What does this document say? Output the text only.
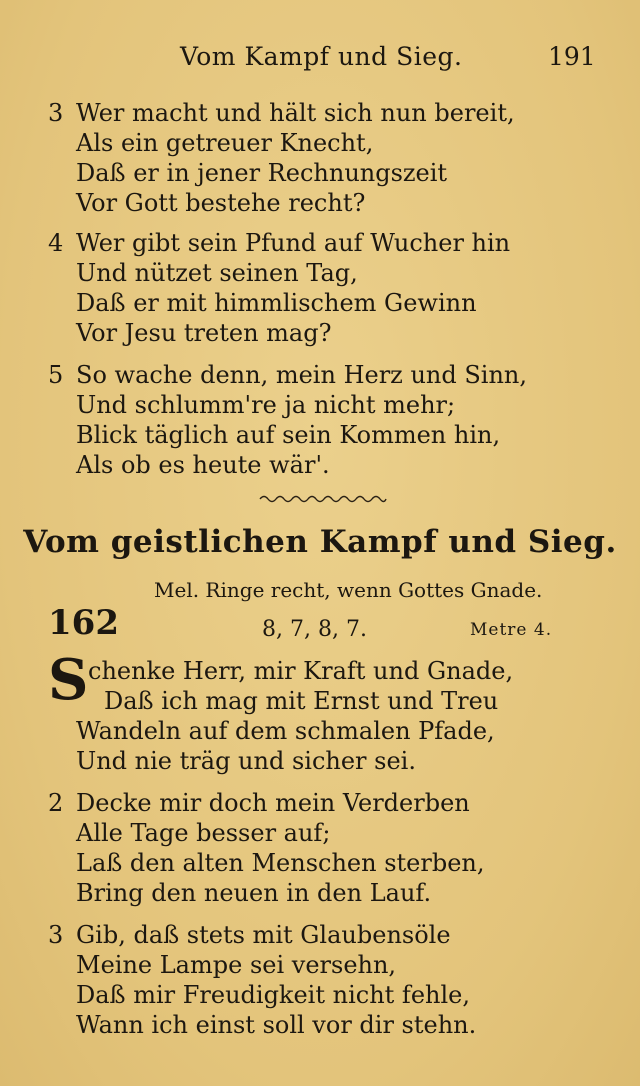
Vom Kampf und Sieg.	191
3 Wer macht und hält sich nun bereit,
Als ein getreuer Knecht,
Daß er in jener Rechnungszeit
Vor Gott bestehe recht?
4 Wer gibt sein Pfund auf Wucher hin
Und nützet seinen Tag,
Daß er mit himmlischem Gewinn
Vor Jesu treten mag?
5 So wache denn, mein Herz und Sinn,
Und schlumm're ja nicht mehr;
Blick täglich auf sein Kommen hin,
Als ob es heute wär'.
Vom geistlichen Kampf und Sieg.
Mel. Ringe recht, wenn Gottes Gnade.
162	8, 7, 8, 7.	Metre 4.
S chenke Herr, mir Kraft und Gnade,
Daß ich mag mit Ernst und Treu
Wandeln auf dem schmalen Pfade,
Und nie träg und sicher sei.
2 Decke mir doch mein Verderben
Alle Tage besser auf;
Laß den alten Menschen sterben,
Bring den neuen in den Lauf.
3 Gib, daß stets mit Glaubensöle
Meine Lampe sei versehn,
Daß mir Freudigkeit nicht fehle,
Wann ich einst soll vor dir stehn.
